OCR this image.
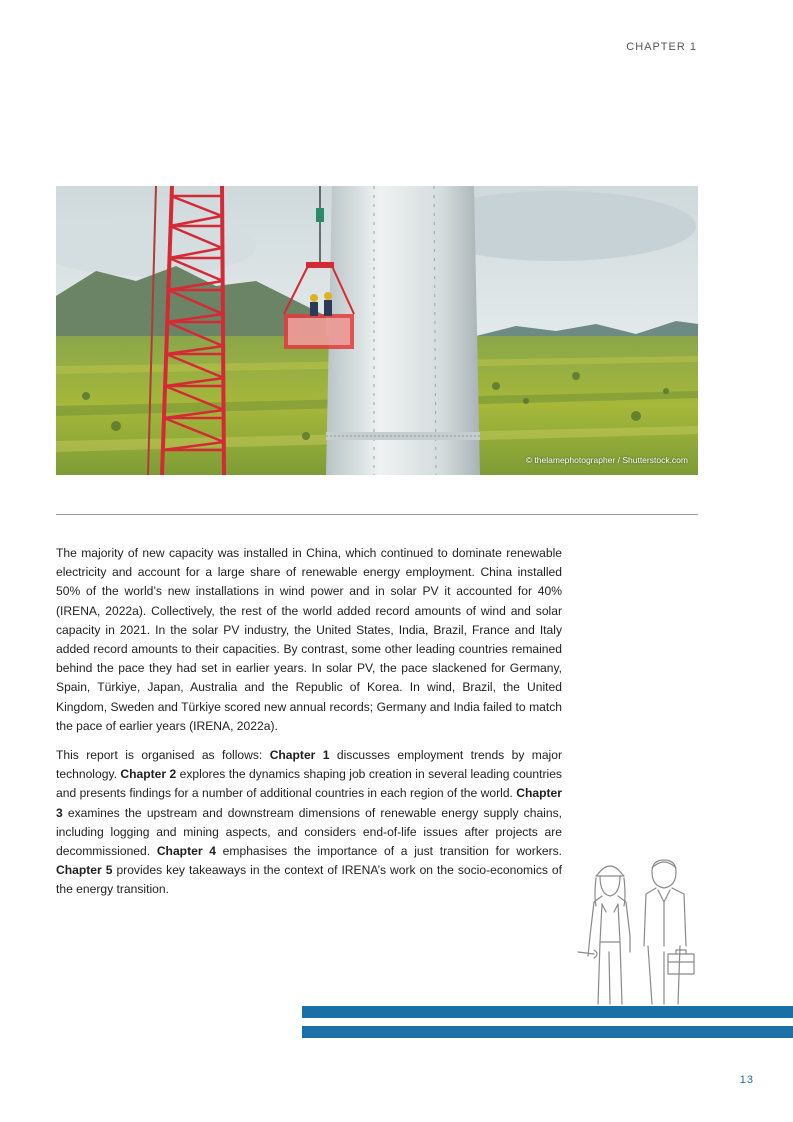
CHAPTER 1
© thelamephotographer / Shutterstock.com

The majority of new capacity was installed in China, which continued to dominate renewable electricity and account for a large share of renewable energy employment. China installed 50% of the world’s new installations in wind power and in solar PV it accounted for 40% (IRENA, 2022a). Collectively, the rest of the world added record amounts of wind and solar capacity in 2021. In the solar PV industry, the United States, India, Brazil, France and Italy added record amounts to their capacities. By contrast, some other leading countries remained behind the pace they had set in earlier years. In solar PV, the pace slackened for Germany, Spain, Türkiye, Japan, Australia and the Republic of Korea. In wind, Brazil, the United Kingdom, Sweden and Türkiye scored new annual records; Germany and India failed to match the pace of earlier years (IRENA, 2022a).

This report is organised as follows: Chapter 1 discusses employment trends by major technology. Chapter 2 explores the dynamics shaping job creation in several leading countries and presents findings for a number of additional countries in each region of the world. Chapter 3 examines the upstream and downstream dimensions of renewable energy supply chains, including logging and mining aspects, and considers end-of-life issues after projects are decommissioned. Chapter 4 emphasises the importance of a just transition for workers. Chapter 5 provides key takeaways in the context of IRENA’s work on the socio-economics of the energy transition.

13
